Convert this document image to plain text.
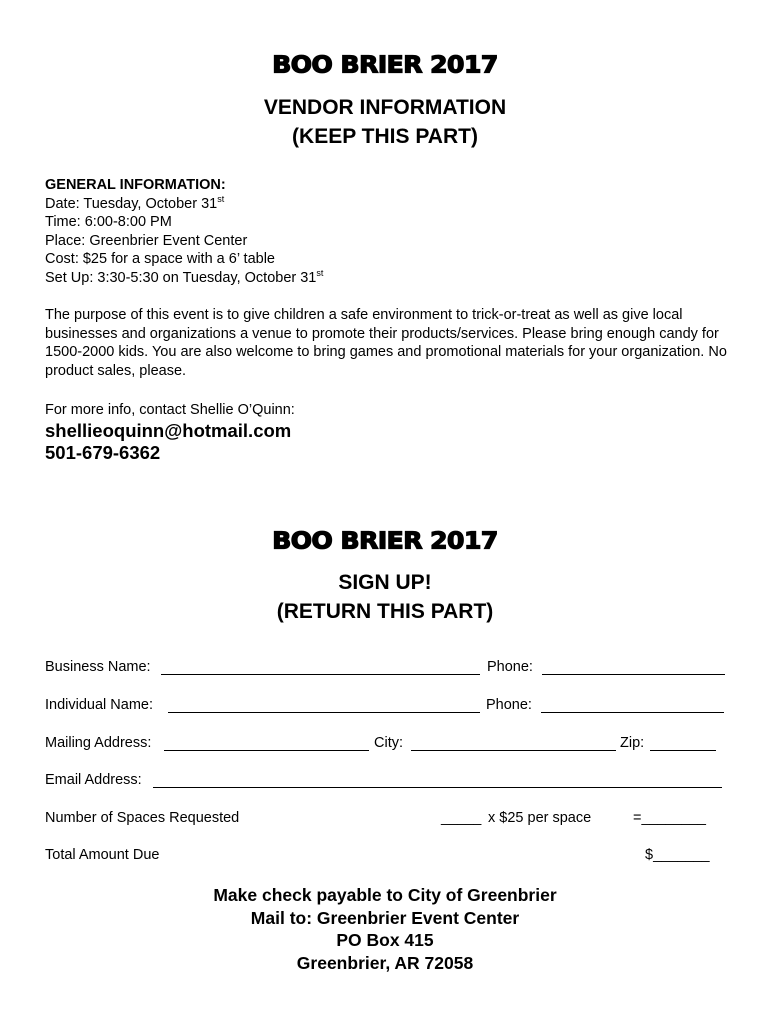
BOO BRIER 2017
VENDOR INFORMATION
(KEEP THIS PART)
GENERAL INFORMATION:
Date: Tuesday, October 31st
Time: 6:00-8:00 PM
Place: Greenbrier Event Center
Cost: $25 for a space with a 6’ table
Set Up: 3:30-5:30 on Tuesday, October 31st
The purpose of this event is to give children a safe environment to trick-or-treat as well as give local businesses and organizations a venue to promote their products/services. Please bring enough candy for 1500-2000 kids. You are also welcome to bring games and promotional materials for your organization. No product sales, please.
For more info, contact Shellie O’Quinn:
shellieoquinn@hotmail.com
501-679-6362
BOO BRIER 2017
SIGN UP!
(RETURN THIS PART)
Business Name:	Phone:
Individual Name:	Phone:
Mailing Address:	City:	Zip:
Email Address:
Number of Spaces Requested	_____ x $25 per space	=________
Total Amount Due	$_______
Make check payable to City of Greenbrier
Mail to: Greenbrier Event Center
PO Box 415
Greenbrier, AR 72058
